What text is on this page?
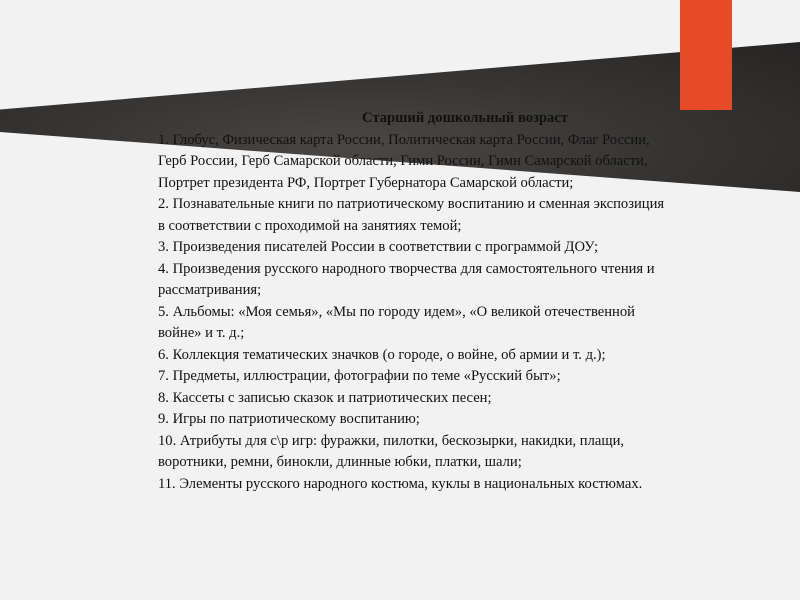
Старший дошкольный возраст

1. Глобус, Физическая карта России, Политическая карта России, Флаг России,

Герб России, Герб Самарской области, Гимн России, Гимн Самарской области,

Портрет президента РФ, Портрет Губернатора Самарской области;

2. Познавательные книги по патриотическому воспитанию и сменная экспозиция

в соответствии с проходимой на занятиях темой;

3. Произведения писателей России в соответствии с программой ДОУ;

4. Произведения русского народного творчества для самостоятельного чтения и

рассматривания;

5. Альбомы: «Моя семья», «Мы по городу идем», «О великой отечественной

войне» и т. д.;

6. Коллекция тематических значков (о городе, о войне, об армии и т. д.);

7. Предметы, иллюстрации, фотографии по теме «Русский быт»;

8. Кассеты с записью сказок и патриотических песен;

9. Игры по патриотическому воспитанию;

10. Атрибуты для с\р игр: фуражки, пилотки, бескозырки, накидки, плащи,

воротники, ремни, бинокли, длинные юбки, платки, шали;

11. Элементы русского народного костюма, куклы в национальных костюмах.
